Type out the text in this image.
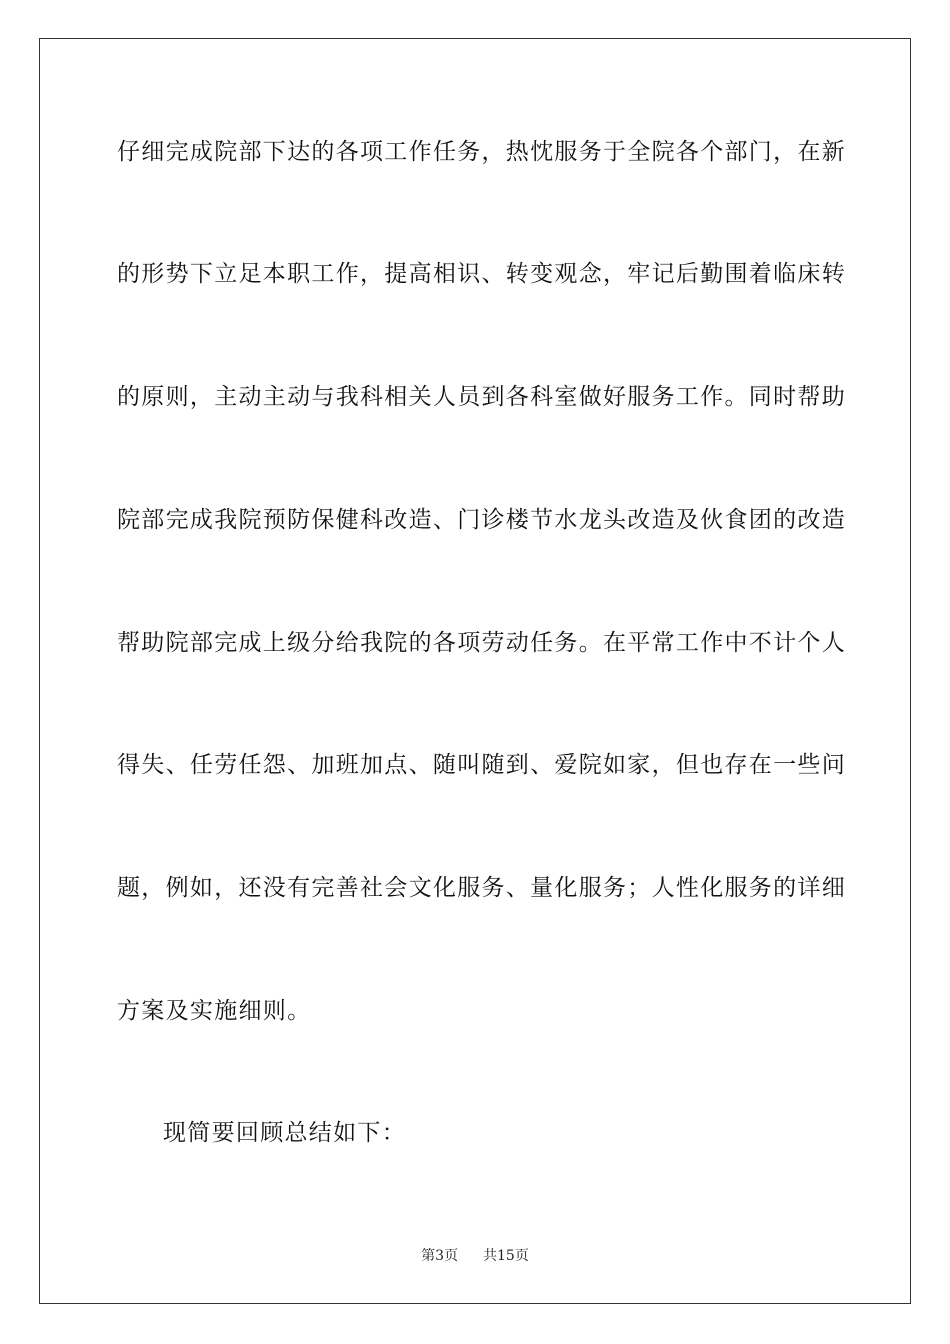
仔细完成院部下达的各项工作任务，热忱服务于全院各个部门，在新
的形势下立足本职工作，提高相识、转变观念，牢记后勤围着临床转
的原则，主动主动与我科相关人员到各科室做好服务工作。同时帮助
院部完成我院预防保健科改造、门诊楼节水龙头改造及伙食团的改造
帮助院部完成上级分给我院的各项劳动任务。在平常工作中不计个人
得失、任劳任怨、加班加点、随叫随到、爱院如家，但也存在一些问
题，例如，还没有完善社会文化服务、量化服务；人性化服务的详细
方案及实施细则。
现简要回顾总结如下：
第3页 共15页
